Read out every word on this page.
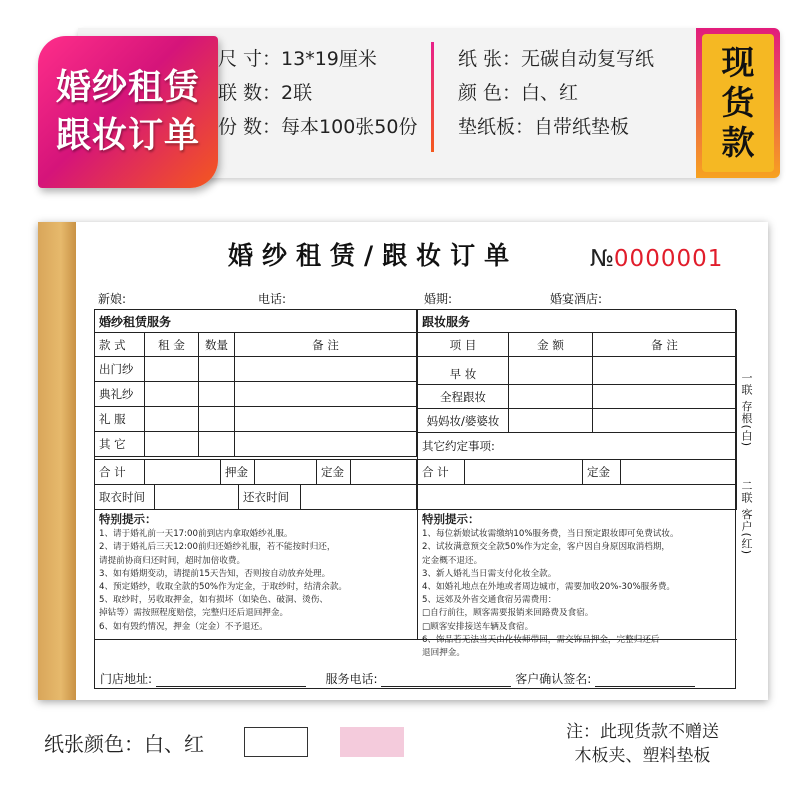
婚纱租赁
跟妆订单
尺 寸：13*19厘米
联 数：2联
份 数：每本100张50份
纸 张：无碳自动复写纸
颜 色：白、红
垫纸板：自带纸垫板
现
货
款
婚纱租赁/跟妆订单	№0000001
新娘:	电话:	婚期:	婚宴酒店:
婚纱租赁服务
款 式	租 金	数量	备 注
出门纱
典礼纱
礼 服
其 它
合 计	押金	定金
取衣时间	还衣时间
跟妆服务
项 目	金 额	备 注
早 妆
全程跟妆
妈妈妆/婆婆妆
其它约定事项:
合 计	定金
特别提示：
1、请于婚礼前一天17:00前到店内拿取婚纱礼服。
2、请于婚礼后三天12:00前归还婚纱礼服，若不能按时归还，
请提前协商归还时间，超时加倍收费。
3、如有婚期变动，请提前15天告知，否则按自动放弃处理。
4、预定婚纱，收取全款的50%作为定金，于取纱时，结清余款。
5、取纱时，另收取押金，如有损坏（如染色、破洞、烫伤、
掉钻等）需按照程度赔偿，完整归还后退回押金。
6、如有毁约情况，押金（定金）不予退还。
特别提示：
1、每位新娘试妆需缴纳10%服务费，当日预定跟妆即可免费试妆。
2、试妆满意预交全款50%作为定金，客户因自身原因取消档期，
定金概不退还。
3、新人婚礼当日需支付化妆全款。
4、如婚礼地点在外地或者周边城市，需要加收20%-30%服务费。
5、远郊及外省交通食宿另需费用：
□自行前往，顾客需要报销来回路费及食宿。
□顾客安排接送车辆及食宿。
6、饰品若无法当天由化妆师带回，需交饰品押金，完整归还后
退回押金。
一联 存根(白)
二联 客户(红)
门店地址:	服务电话:	客户确认签名:
纸张颜色：白、红	注：此现货款不赠送
木板夹、塑料垫板
